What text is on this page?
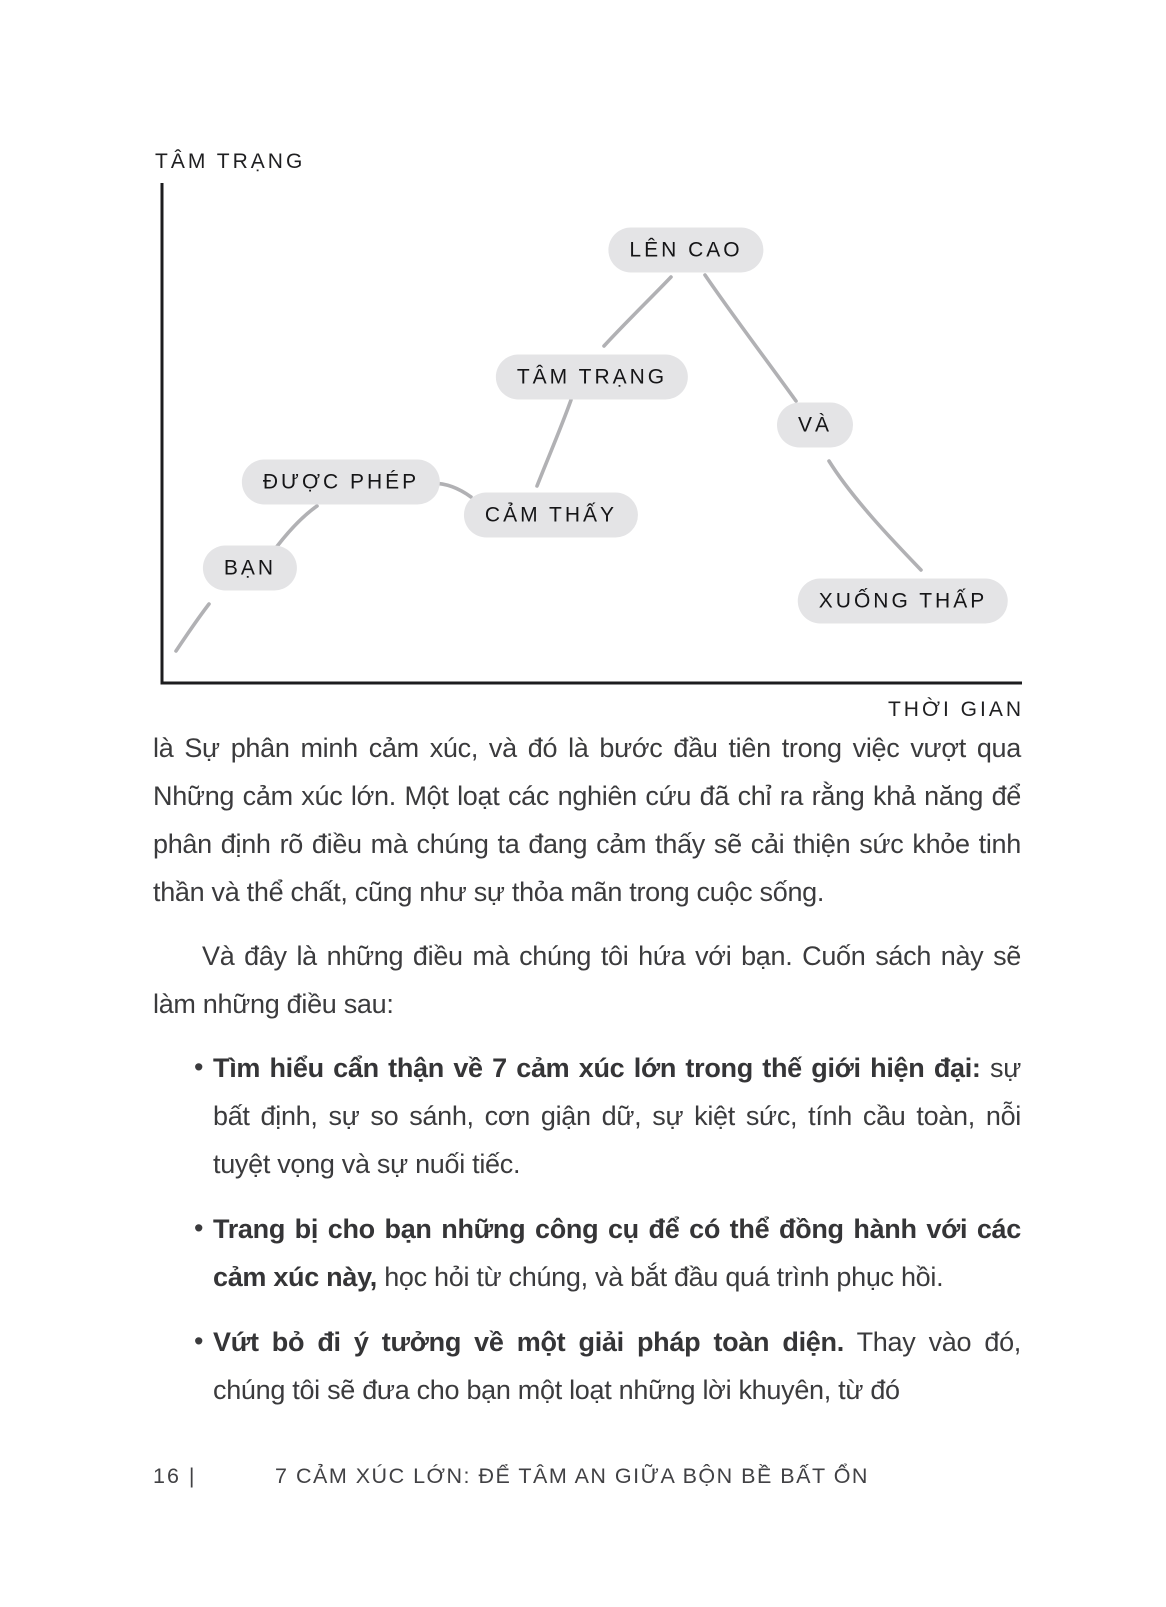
TÂM TRẠNG
THỜI GIAN
BẠN
ĐƯỢC PHÉP
CẢM THẤY
TÂM TRẠNG
LÊN CAO
VÀ
XUỐNG THẤP

là Sự phân minh cảm xúc, và đó là bước đầu tiên trong việc vượt qua Những cảm xúc lớn. Một loạt các nghiên cứu đã chỉ ra rằng khả năng để phân định rõ điều mà chúng ta đang cảm thấy sẽ cải thiện sức khỏe tinh thần và thể chất, cũng như sự thỏa mãn trong cuộc sống.

Và đây là những điều mà chúng tôi hứa với bạn. Cuốn sách này sẽ làm những điều sau:

• Tìm hiểu cẩn thận về 7 cảm xúc lớn trong thế giới hiện đại: sự bất định, sự so sánh, cơn giận dữ, sự kiệt sức, tính cầu toàn, nỗi tuyệt vọng và sự nuối tiếc.
• Trang bị cho bạn những công cụ để có thể đồng hành với các cảm xúc này, học hỏi từ chúng, và bắt đầu quá trình phục hồi.
• Vứt bỏ đi ý tưởng về một giải pháp toàn diện. Thay vào đó, chúng tôi sẽ đưa cho bạn một loạt những lời khuyên, từ đó
16 |	7 CẢM XÚC LỚN: ĐỂ TÂM AN GIỮA BỘN BỀ BẤT ỔN
